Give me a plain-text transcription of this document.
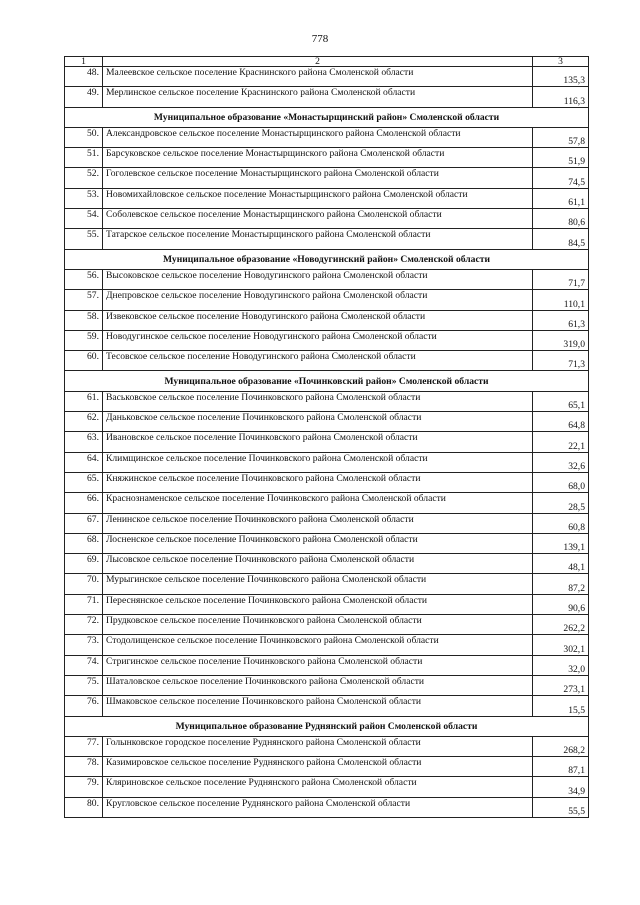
778
1	2	3
48.	Малеевское сельское поселение Краснинского района Смоленской области	135,3
49.	Мерлинское сельское поселение Краснинского района Смоленской области	116,3
Муниципальное образование «Монастырщинский район» Смоленской области		
50.	Александровское сельское поселение Монастырщинского района Смоленской области	57,8
51.	Барсуковское сельское поселение Монастырщинского района Смоленской области	51,9
52.	Гоголевское сельское поселение Монастырщинского района Смоленской области	74,5
53.	Новомихайловское сельское поселение Монастырщинского района Смоленской области	61,1
54.	Соболевское сельское поселение Монастырщинского района Смоленской области	80,6
55.	Татарское сельское поселение Монастырщинского района Смоленской области	84,5
Муниципальное образование «Новодугинский район» Смоленской области		
56.	Высоковское сельское поселение Новодугинского района Смоленской области	71,7
57.	Днепровское сельское поселение Новодугинского района Смоленской области	110,1
58.	Извековское сельское поселение Новодугинского района Смоленской области	61,3
59.	Новодугинское сельское поселение Новодугинского района Смоленской области	319,0
60.	Тесовское сельское поселение Новодугинского района Смоленской области	71,3
Муниципальное образование «Починковский район» Смоленской области		
61.	Васьковское сельское поселение Починковского района Смоленской области	65,1
62.	Даньковское сельское поселение Починковского района Смоленской области	64,8
63.	Ивановское сельское поселение Починковского района Смоленской области	22,1
64.	Климщинское сельское поселение Починковского района Смоленской области	32,6
65.	Княжинское сельское поселение Починковского района Смоленской области	68,0
66.	Краснознаменское сельское поселение Починковского района Смоленской области	28,5
67.	Ленинское сельское поселение Починковского района Смоленской области	60,8
68.	Лосненское сельское поселение Починковского района Смоленской области	139,1
69.	Лысовское сельское поселение Починковского района Смоленской области	48,1
70.	Мурыгинское сельское поселение Починковского района Смоленской области	87,2
71.	Переснянское сельское поселение Починковского района Смоленской области	90,6
72.	Прудковское сельское поселение Починковского района Смоленской области	262,2
73.	Стодолищенское сельское поселение Починковского района Смоленской области	302,1
74.	Стригинское сельское поселение Починковского района Смоленской области	32,0
75.	Шаталовское сельское поселение Починковского района Смоленской области	273,1
76.	Шмаковское сельское поселение Починковского района Смоленской области	15,5
Муниципальное образование Руднянский район Смоленской области		
77.	Голынковское городское поселение Руднянского района Смоленской области	268,2
78.	Казимировское сельское поселение Руднянского района Смоленской области	87,1
79.	Кляриновское сельское поселение Руднянского района Смоленской области	34,9
80.	Кругловское сельское поселение Руднянского района Смоленской области	55,5
